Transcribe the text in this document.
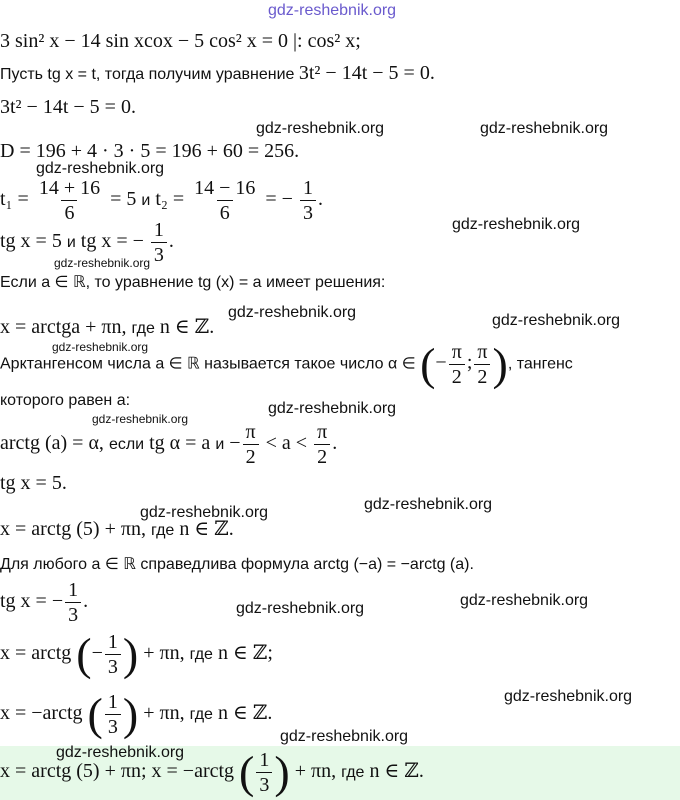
gdz-reshebnik.org
3 sin² x − 14 sin xcox − 5 cos² x = 0 |: cos² x;
Пусть tg x = t, тогда получим уравнение 3t² − 14t − 5 = 0.
3t² − 14t − 5 = 0.
D = 196 + 4 · 3 · 5 = 196 + 60 = 256.
$t_1 = \frac{14 + 16}{6} = 5$ и $t_2 = \frac{14 - 16}{6}$ = − $\frac{1}{3}$ .
tg x = 5 и tg x = − $\frac{1}{3}$ .
Если a ∈ ℝ, то уравнение tg (x) = a имеет решения:
x = arctga + πn, где n ∈ ℤ.
Арктангенсом числа a ∈ ℝ называется такое число α ∈ (− $\frac{\pi}{2}$ ; $\frac{\pi}{2}$ ), тангенс
которого равен a:
arctg (a) = α, если tg α = a $и - \frac{\pi}{2} < a < \frac{\pi}{2}$ .
tg x = 5.
x = arctg (5) + πn, где n ∈ ℤ.
Для любого a ∈ ℝ справедлива формула arctg (−a) = −arctg (a).
tg x = − $\frac{1}{3}$ .
x = arctg (− $\frac{1}{3}$ ) + πn, где n ∈ ℤ;
x = −arctg ( $\frac{1}{3}$ ) + πn, где n ∈ ℤ.
x = arctg (5) + πn; x = −arctg ( $\frac{1}{3}$ ) + πn, где n ∈ ℤ.
gdz-reshebnik.org	gdz-reshebnik.org
gdz-reshebnik.org
gdz-reshebnik.org
gdz-reshebnik.org
gdz-reshebnik.org	gdz-reshebnik.org
gdz-reshebnik.org
gdz-reshebnik.org
gdz-reshebnik.org
gdz-reshebnik.org
gdz-reshebnik.org
gdz-reshebnik.org
gdz-reshebnik.org
gdz-reshebnik.org
gdz-reshebnik.org
gdz-reshebnik.org
